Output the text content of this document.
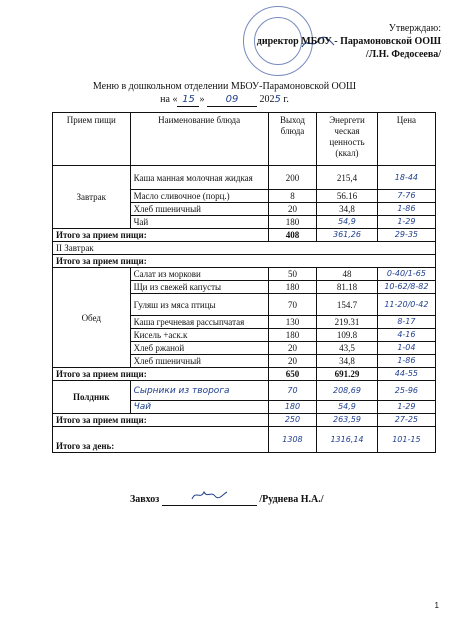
Утверждаю:
директор МБОУ - Парамоновской ООШ
/Л.Н. Федосеева/
Меню в дошкольном отделении МБОУ-Парамоновской ООШ
на « 15 » 09 2025 г.
Прием пищи	Наименование блюда	Выход блюда	Энергети ческая ценность (ккал)	Цена
Завтрак	Каша манная молочная жидкая	200	215,4	18-44
	Масло сливочное (порц.)	8	56.16	7-76
	Хлеб пшеничный	20	34,8	1-86
	Чай	180	54,9	1-29
Итого за прием пищи:		408	361,26	29-35
II Завтрак				
Итого за прием пищи:				
Обед	Салат из моркови	50	48	0-40/1-65
	Щи из свежей капусты	180	81.18	10-62/8-82
	Гуляш из мяса птицы	70	154.7	11-20/0-42
	Каша гречневая рассыпчатая	130	219.31	8-17
	Кисель +аск.к	180	109.8	4-16
	Хлеб ржаной	20	43,5	1-04
	Хлеб пшеничный	20	34,8	1-86
Итого за прием пищи:		650	691.29	44-55
Полдник	Сырники из творога	70	208,69	25-96
	Чай	180	54,9	1-29
Итого за прием пищи:		250	263,59	27-25
Итого за день:		1308	1316,14	101-15
Завхоз	/Руднева Н.А./
1
